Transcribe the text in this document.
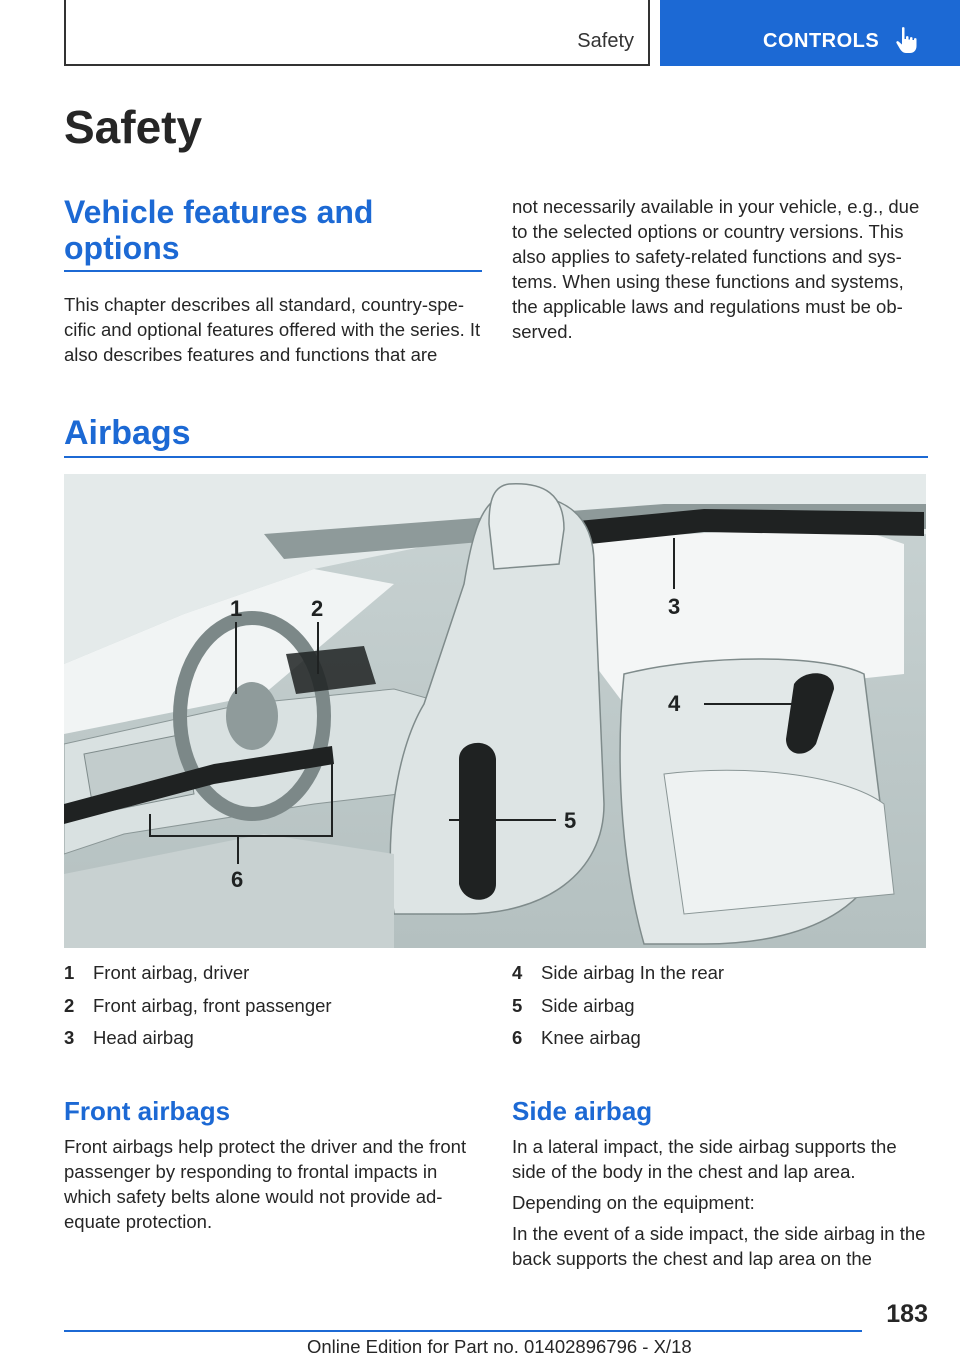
Safety	CONTROLS
Safety
Vehicle features and options

This chapter describes all standard, country-spe-cific and optional features offered with the series. It also describes features and functions that are

not necessarily available in your vehicle, e.g., due to the selected options or country versions. This also applies to safety-related functions and sys-tems. When using these functions and systems, the applicable laws and regulations must be ob-served.

Airbags
1	2	3
4
5
6
1	Front airbag, driver
2	Front airbag, front passenger
3	Head airbag
4	Side airbag In the rear
5	Side airbag
6	Knee airbag
Front airbags

Front airbags help protect the driver and the front passenger by responding to frontal impacts in which safety belts alone would not provide ad-equate protection.

Side airbag

In a lateral impact, the side airbag supports the side of the body in the chest and lap area.

Depending on the equipment:

In the event of a side impact, the side airbag in the back supports the chest and lap area on the

183
Online Edition for Part no. 01402896796 - X/18
